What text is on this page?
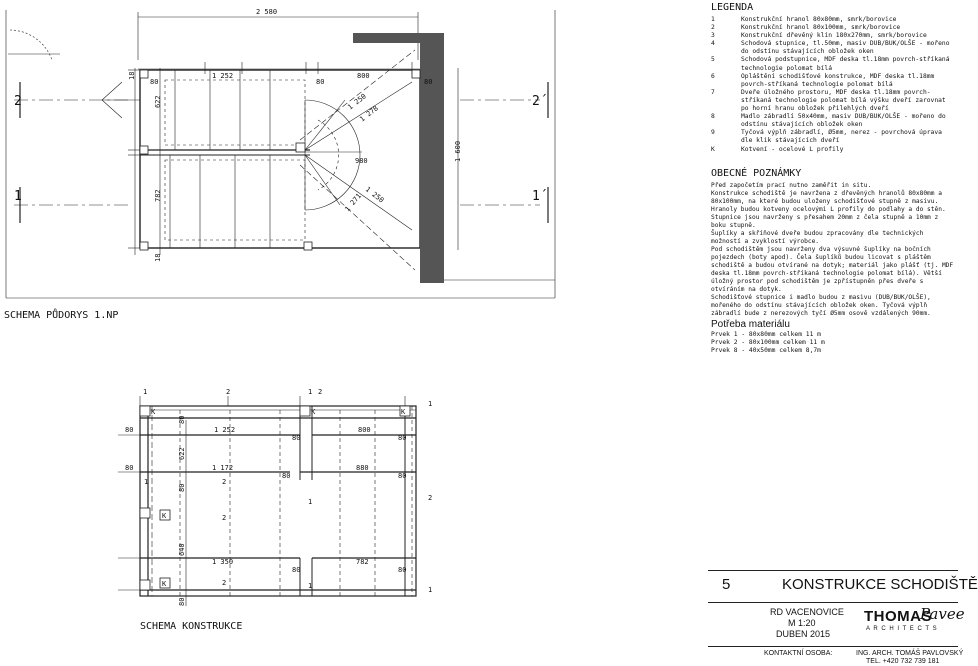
2 580
1 252	800
80	80
80
980
1 250
1 278
1 250
1 271
1 600
18
622
782
18
2	2´
1	1´
SCHEMA PŮDORYS 1.NP
K	K	K
K
K
1	2	1 2
1
1	2
1	2
2
1
2
1
1 252	800
1 172	880
1 350	782
80
80
80	80
80	80
80	80
622
640
80
80
80
SCHEMA KONSTRUKCE
LEGENDA
1	Konstrukční hranol 80x80mm, smrk/borovice
2	Konstrukční hranol 80x100mm, smrk/borovice
3	Konstrukční dřevěný klín 180x270mm, smrk/borovice
4	Schodová stupnice, tl.50mm, masiv DUB/BUK/OLŠE - mořeno do odstínu stávajících obložek oken
5	Schodová podstupnice, MDF deska tl.18mm povrch-stříkaná technologie polomat bílá
6	Opláštění schodišťové konstrukce, MDF deska tl.18mm povrch-stříkaná technologie polomat bílá
7	Dveře úložného prostoru, MDF deska tl.18mm povrch-stříkaná technologie polomat bílá výšku dveří zarovnat po horní hranu obložek přilehlých dveří
8	Madlo zábradlí 50x40mm, masiv DUB/BUK/OLŠE - mořeno do odstínu stávajících obložek oken
9	Tyčová výplň zábradlí, Ø5mm, nerez - povrchová úprava dle klik stávajících dveří
K	Kotvení - ocelové L profily
OBECNÉ POZNÁMKY
Před započetím prací nutno zaměřit in situ.
Konstrukce schodiště je navržena z dřevěných hranolů 80x80mm a 80x100mm, na které budou uloženy schodišťové stupně z masivu. Hranoly budou kotveny ocelovými L profily do podlahy a do stěn. Stupnice jsou navrženy s přesahem 20mm z čela stupně a 10mm z boku stupně.
Šuplíky a skříňové dveře budou zpracovány dle technických možností a zvyklostí výrobce.
Pod schodištěm jsou navrženy dva výsuvné šuplíky na bočních pojezdech (boty apod). Čela šuplíků budou licovat s pláštěm schodiště a budou otvírané na dotyk; materiál jako plášť (tj. MDF deska tl.18mm povrch-stříkaná technologie polomat bílá). Větší úložný prostor pod schodištěm je zpřístupněn přes dveře s otvíráním na dotyk.
Schodišťové stupnice i madlo budou z masivu (DUB/BUK/OLŠE), mořeného do odstínu stávajících obložek oken. Tyčová výplň zábradlí bude z nerezových tyčí Ø5mm osově vzdálených 90mm.
Potřeba materiálu
Prvek 1 - 80x80mm celkem 11 m
Prvek 2 - 80x100mm celkem 11 m
Prvek 8 - 40x50mm celkem 8,7m
5	KONSTRUKCE SCHODIŠTĚ
RD VACENOVICE
M 1:20
DUBEN 2015
THOMAS
Pavee
A R C H I T E C T S
KONTAKTNÍ OSOBA:	ING. ARCH. TOMÁŠ PAVLOVSKÝ
TEL. +420 732 739 181
